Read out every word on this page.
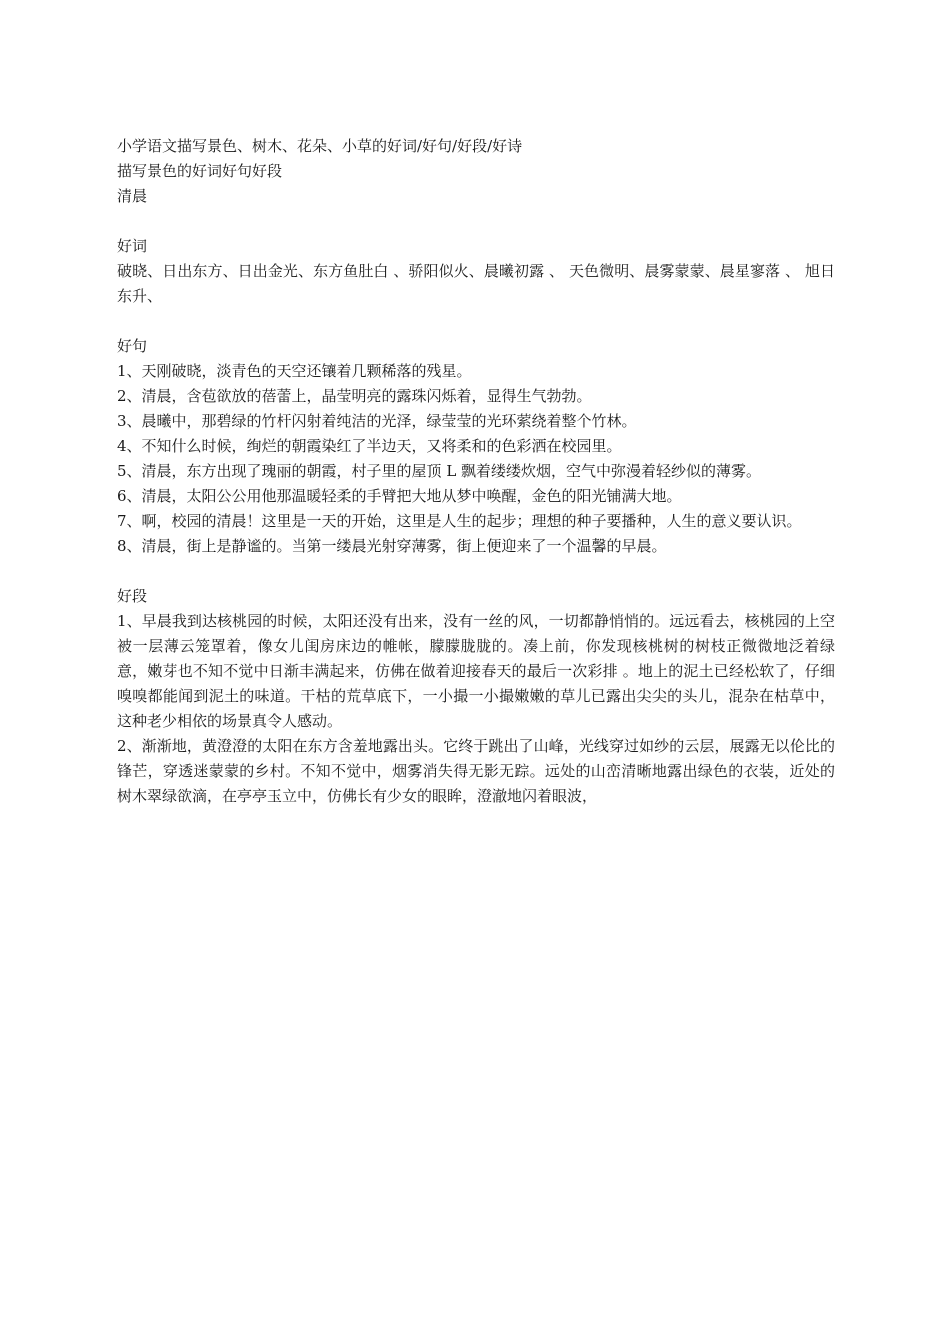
小学语文描写景色、树木、花朵、小草的好词/好句/好段/好诗

描写景色的好词好句好段

清晨

好词

破晓、日出东方、日出金光、东方鱼肚白 、骄阳似火、晨曦初露 、 天色微明、晨雾蒙蒙、晨星寥落 、 旭日东升、

好句

1、天刚破晓，淡青色的天空还镶着几颗稀落的残星。

2、清晨，含苞欲放的蓓蕾上，晶莹明亮的露珠闪烁着，显得生气勃勃。

3、晨曦中，那碧绿的竹杆闪射着纯洁的光泽，绿莹莹的光环萦绕着整个竹林。

4、不知什么时候，绚烂的朝霞染红了半边天，又将柔和的色彩洒在校园里。

5、清晨，东方出现了瑰丽的朝霞，村子里的屋顶 L 飘着缕缕炊烟，空气中弥漫着轻纱似的薄雾。

6、清晨，太阳公公用他那温暖轻柔的手臂把大地从梦中唤醒，金色的阳光铺满大地。

7、啊，校园的清晨！这里是一天的开始，这里是人生的起步；理想的种子要播种，人生的意义要认识。

8、清晨，街上是静谧的。当第一缕晨光射穿薄雾，街上便迎来了一个温馨的早晨。

好段

1、早晨我到达核桃园的时候，太阳还没有出来，没有一丝的风，一切都静悄悄的。远远看去，核桃园的上空被一层薄云笼罩着，像女儿闺房床边的帷帐，朦朦胧胧的。凑上前，你发现核桃树的树枝正微微地泛着绿意，嫩芽也不知不觉中日渐丰满起来，仿佛在做着迎接春天的最后一次彩排 。地上的泥土已经松软了，仔细嗅嗅都能闻到泥土的味道。干枯的荒草底下，一小撮一小撮嫩嫩的草儿已露出尖尖的头儿，混杂在枯草中，这种老少相依的场景真令人感动。

2、渐渐地，黄澄澄的太阳在东方含羞地露出头。它终于跳出了山峰，光线穿过如纱的云层，展露无以伦比的锋芒，穿透迷蒙蒙的乡村。不知不觉中，烟雾消失得无影无踪。远处的山峦清晰地露出绿色的衣装，近处的树木翠绿欲滴，在亭亭玉立中，仿佛长有少女的眼眸，澄澈地闪着眼波，
